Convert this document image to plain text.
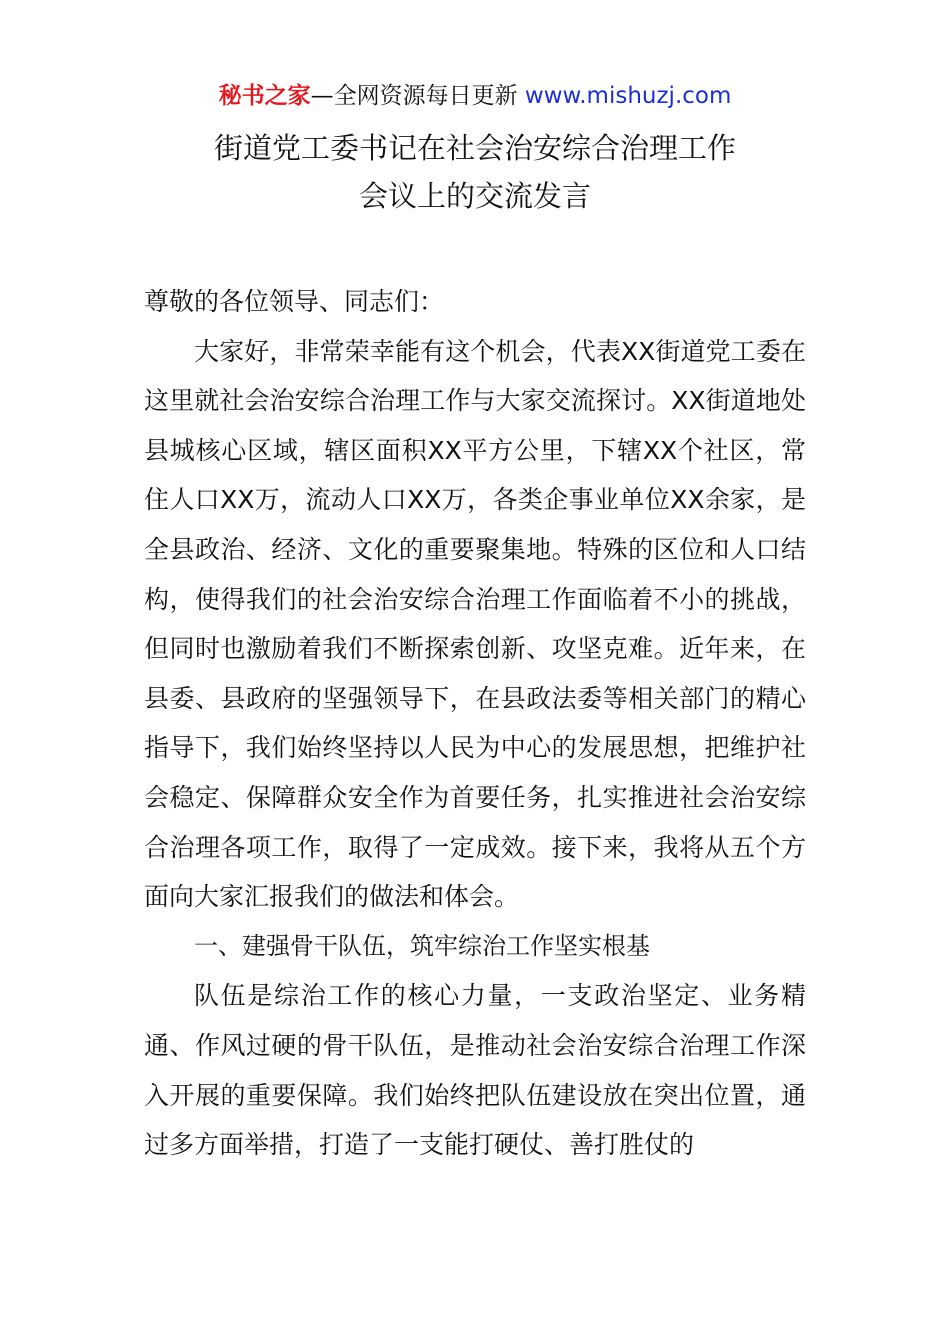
秘书之家—全网资源每日更新 www.mishuzj.com
街道党工委书记在社会治安综合治理工作
会议上的交流发言

尊敬的各位领导、同志们：

大家好，非常荣幸能有这个机会，代表XX街道党工委在这里就社会治安综合治理工作与大家交流探讨。XX街道地处县城核心区域，辖区面积XX平方公里，下辖XX个社区，常住人口XX万，流动人口XX万，各类企事业单位XX余家，是全县政治、经济、文化的重要聚集地。特殊的区位和人口结构，使得我们的社会治安综合治理工作面临着不小的挑战，但同时也激励着我们不断探索创新、攻坚克难。近年来，在县委、县政府的坚强领导下，在县政法委等相关部门的精心指导下，我们始终坚持以人民为中心的发展思想，把维护社会稳定、保障群众安全作为首要任务，扎实推进社会治安综合治理各项工作，取得了一定成效。接下来，我将从五个方面向大家汇报我们的做法和体会。

一、建强骨干队伍，筑牢综治工作坚实根基

队伍是综治工作的核心力量，一支政治坚定、业务精通、作风过硬的骨干队伍，是推动社会治安综合治理工作深入开展的重要保障。我们始终把队伍建设放在突出位置，通过多方面举措，打造了一支能打硬仗、善打胜仗的
